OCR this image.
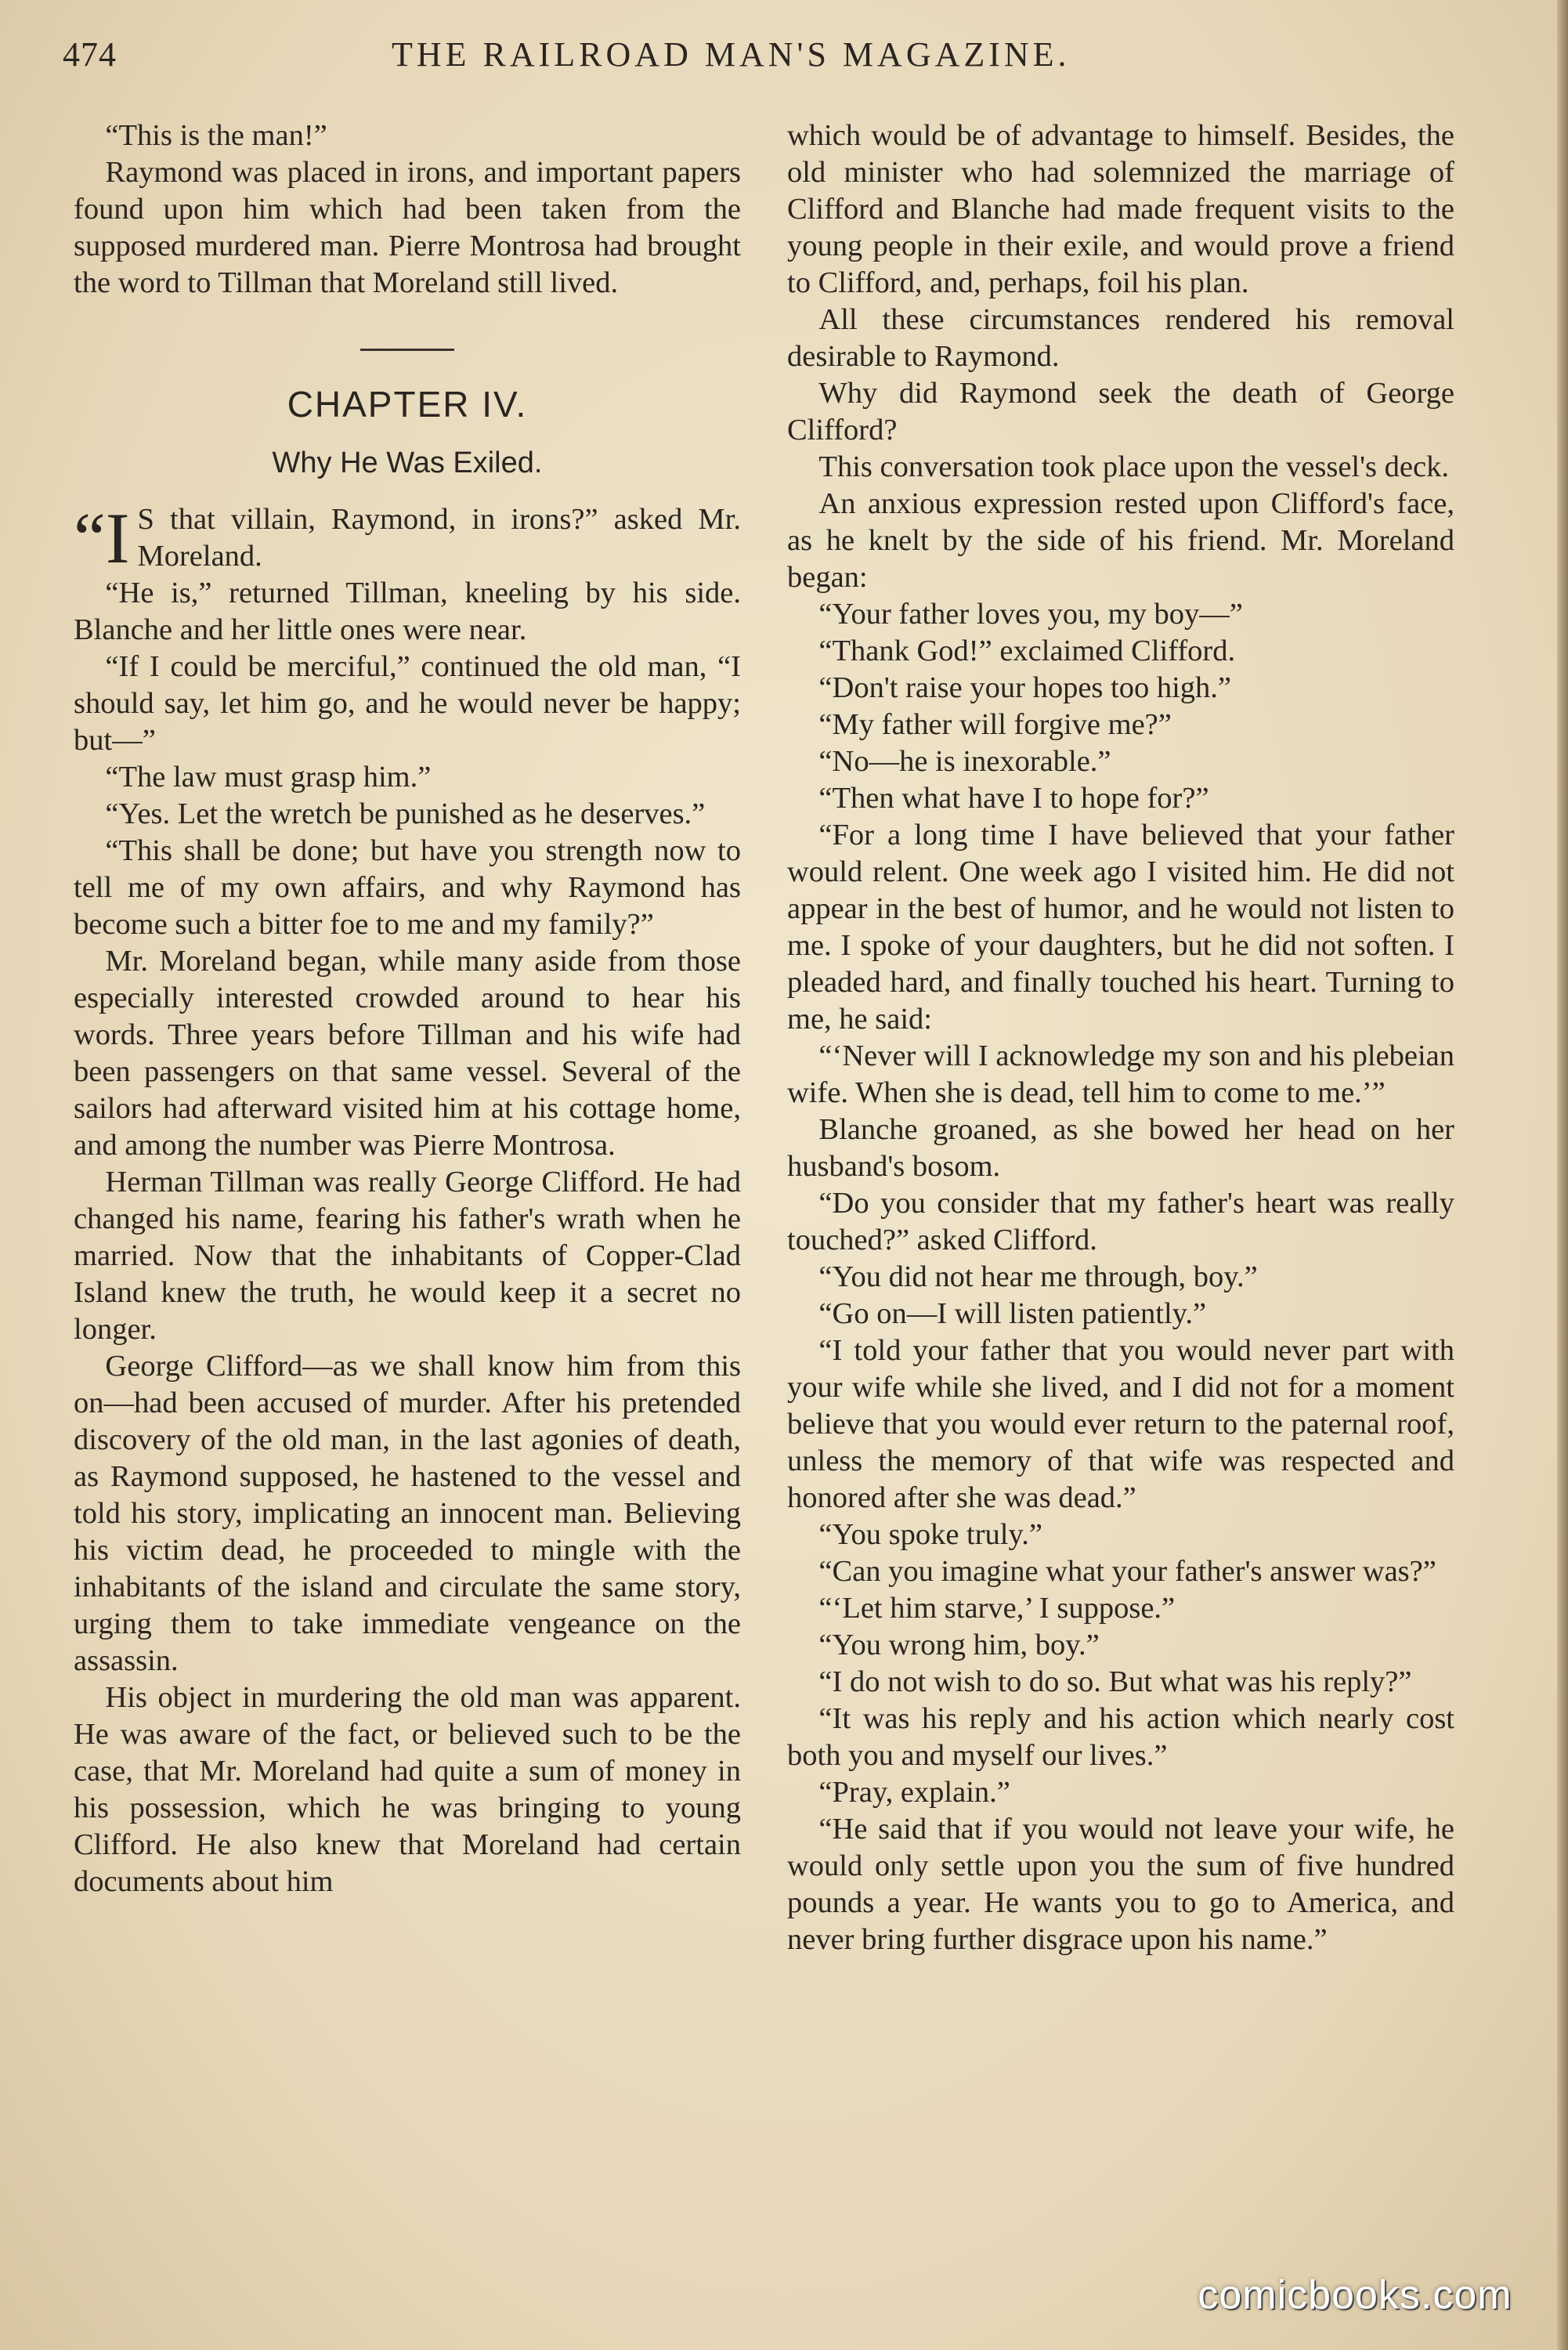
474	THE RAILROAD MAN'S MAGAZINE.

“This is the man!”

Raymond was placed in irons, and important papers found upon him which had been taken from the supposed murdered man. Pierre Montrosa had brought the word to Tillman that Moreland still lived.

CHAPTER IV.
Why He Was Exiled.

“I S that villain, Raymond, in irons?” asked Mr. Moreland.

“He is,” returned Tillman, kneeling by his side. Blanche and her little ones were near.

“If I could be merciful,” continued the old man, “I should say, let him go, and he would never be happy; but—”

“The law must grasp him.”

“Yes. Let the wretch be punished as he deserves.”

“This shall be done; but have you strength now to tell me of my own affairs, and why Raymond has become such a bitter foe to me and my family?”

Mr. Moreland began, while many aside from those especially interested crowded around to hear his words. Three years before Tillman and his wife had been passengers on that same vessel. Several of the sailors had afterward visited him at his cottage home, and among the number was Pierre Montrosa.

Herman Tillman was really George Clifford. He had changed his name, fearing his father's wrath when he married. Now that the inhabitants of Copper-Clad Island knew the truth, he would keep it a secret no longer.

George Clifford—as we shall know him from this on—had been accused of murder. After his pretended discovery of the old man, in the last agonies of death, as Raymond supposed, he hastened to the vessel and told his story, implicating an innocent man. Believing his victim dead, he proceeded to mingle with the inhabitants of the island and circulate the same story, urging them to take immediate vengeance on the assassin.

His object in murdering the old man was apparent. He was aware of the fact, or believed such to be the case, that Mr. Moreland had quite a sum of money in his possession, which he was bringing to young Clifford. He also knew that Moreland had certain documents about him

which would be of advantage to himself. Besides, the old minister who had solemnized the marriage of Clifford and Blanche had made frequent visits to the young people in their exile, and would prove a friend to Clifford, and, perhaps, foil his plan.

All these circumstances rendered his removal desirable to Raymond.

Why did Raymond seek the death of George Clifford?

This conversation took place upon the vessel's deck.

An anxious expression rested upon Clifford's face, as he knelt by the side of his friend. Mr. Moreland began:

“Your father loves you, my boy—”

“Thank God!” exclaimed Clifford.

“Don't raise your hopes too high.”

“My father will forgive me?”

“No—he is inexorable.”

“Then what have I to hope for?”

“For a long time I have believed that your father would relent. One week ago I visited him. He did not appear in the best of humor, and he would not listen to me. I spoke of your daughters, but he did not soften. I pleaded hard, and finally touched his heart. Turning to me, he said:

“‘Never will I acknowledge my son and his plebeian wife. When she is dead, tell him to come to me.’”

Blanche groaned, as she bowed her head on her husband's bosom.

“Do you consider that my father's heart was really touched?” asked Clifford.

“You did not hear me through, boy.”

“Go on—I will listen patiently.”

“I told your father that you would never part with your wife while she lived, and I did not for a moment believe that you would ever return to the paternal roof, unless the memory of that wife was respected and honored after she was dead.”

“You spoke truly.”

“Can you imagine what your father's answer was?”

“‘Let him starve,’ I suppose.”

“You wrong him, boy.”

“I do not wish to do so. But what was his reply?”

“It was his reply and his action which nearly cost both you and myself our lives.”

“Pray, explain.”

“He said that if you would not leave your wife, he would only settle upon you the sum of five hundred pounds a year. He wants you to go to America, and never bring further disgrace upon his name.”

comicbooks.com
